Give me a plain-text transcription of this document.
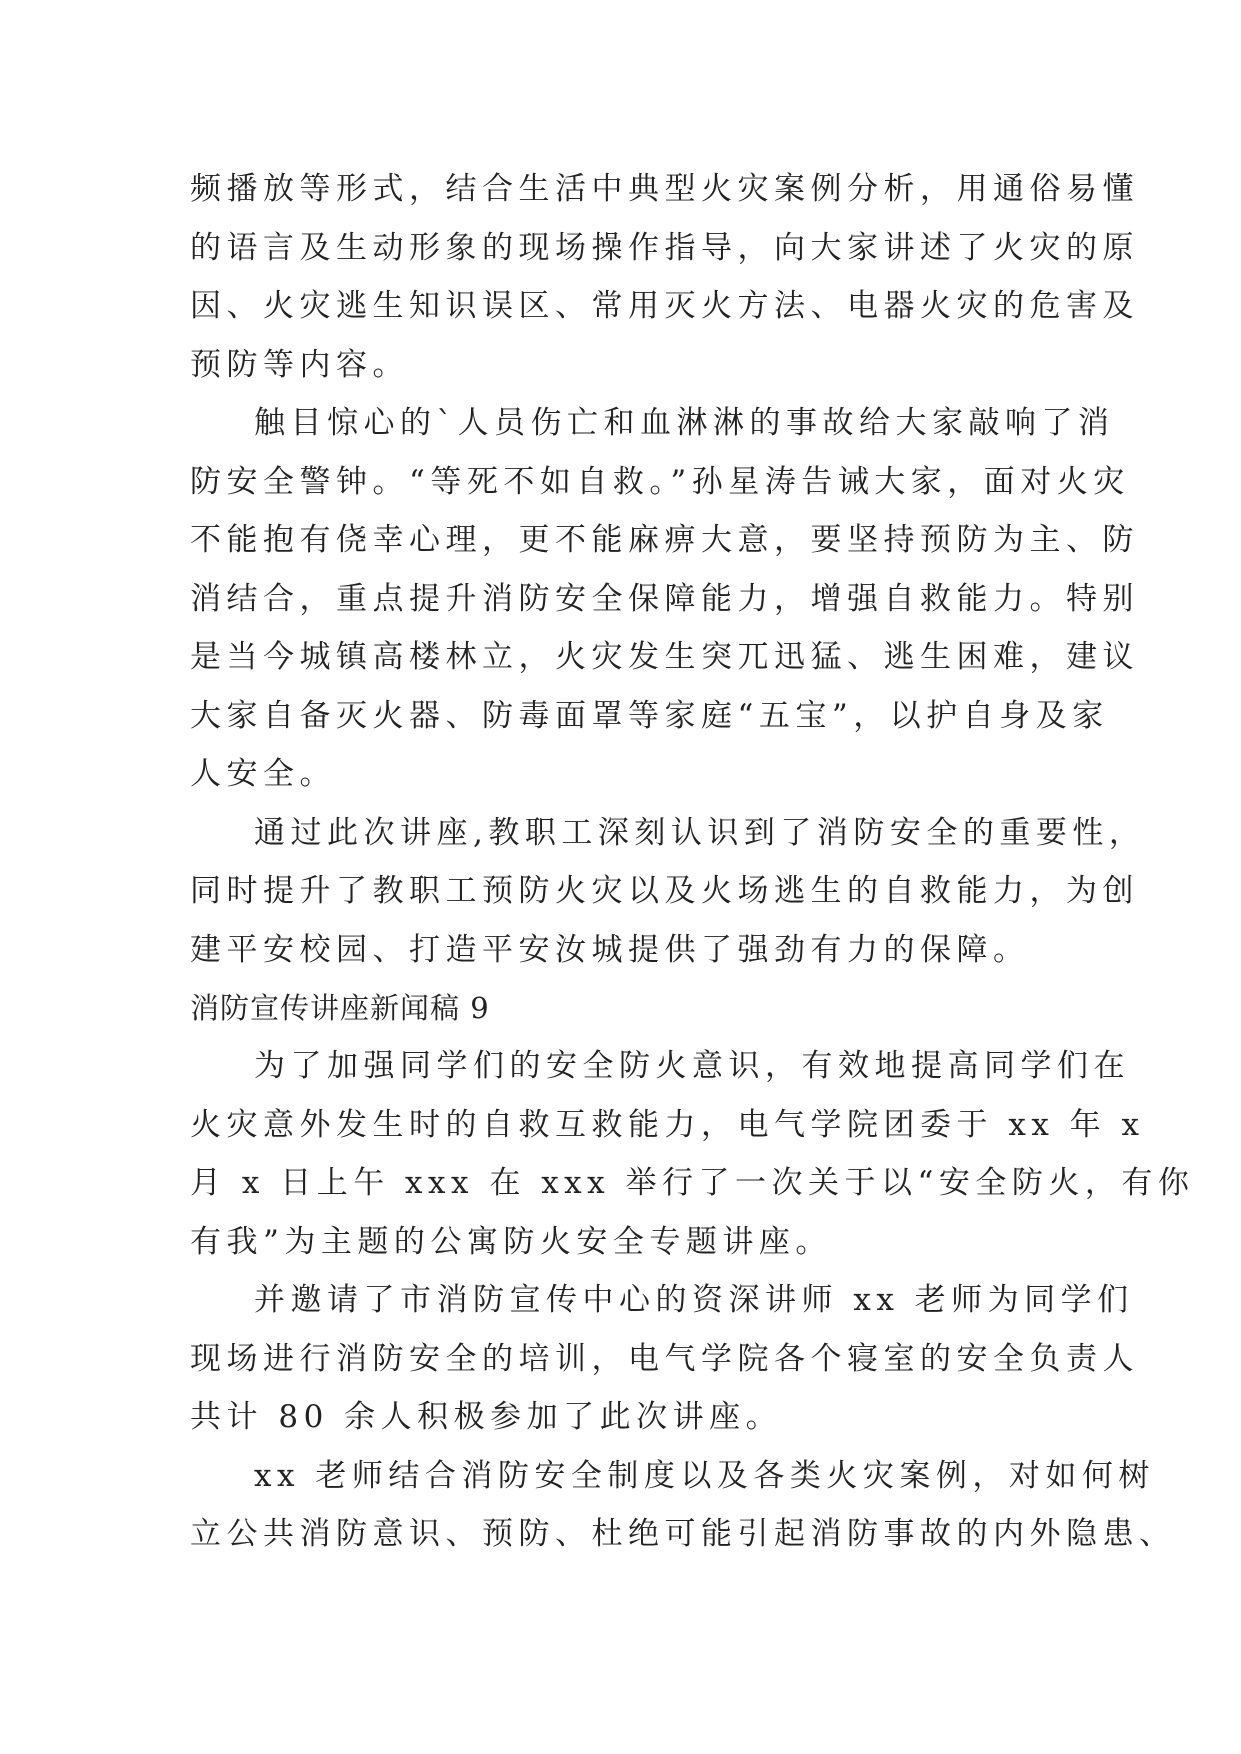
频播放等形式，结合生活中典型火灾案例分析，用通俗易懂
的语言及生动形象的现场操作指导，向大家讲述了火灾的原
因、火灾逃生知识误区、常用灭火方法、电器火灾的危害及
预防等内容。
触目惊心的`人员伤亡和血淋淋的事故给大家敲响了消
防安全警钟。“等死不如自救。”孙星涛告诫大家，面对火灾
不能抱有侥幸心理，更不能麻痹大意，要坚持预防为主、防
消结合，重点提升消防安全保障能力，增强自救能力。特别
是当今城镇高楼林立，火灾发生突兀迅猛、逃生困难，建议
大家自备灭火器、防毒面罩等家庭“五宝”，以护自身及家
人安全。
通过此次讲座,教职工深刻认识到了消防安全的重要性，
同时提升了教职工预防火灾以及火场逃生的自救能力，为创
建平安校园、打造平安汝城提供了强劲有力的保障。
消防宣传讲座新闻稿 9
为了加强同学们的安全防火意识，有效地提高同学们在
火灾意外发生时的自救互救能力，电气学院团委于 xx 年 x
月 x 日上午 xxx 在 xxx 举行了一次关于以“安全防火，有你
有我”为主题的公寓防火安全专题讲座。
并邀请了市消防宣传中心的资深讲师 xx 老师为同学们
现场进行消防安全的培训，电气学院各个寝室的安全负责人
共计 80 余人积极参加了此次讲座。
xx 老师结合消防安全制度以及各类火灾案例，对如何树
立公共消防意识、预防、杜绝可能引起消防事故的内外隐患、
